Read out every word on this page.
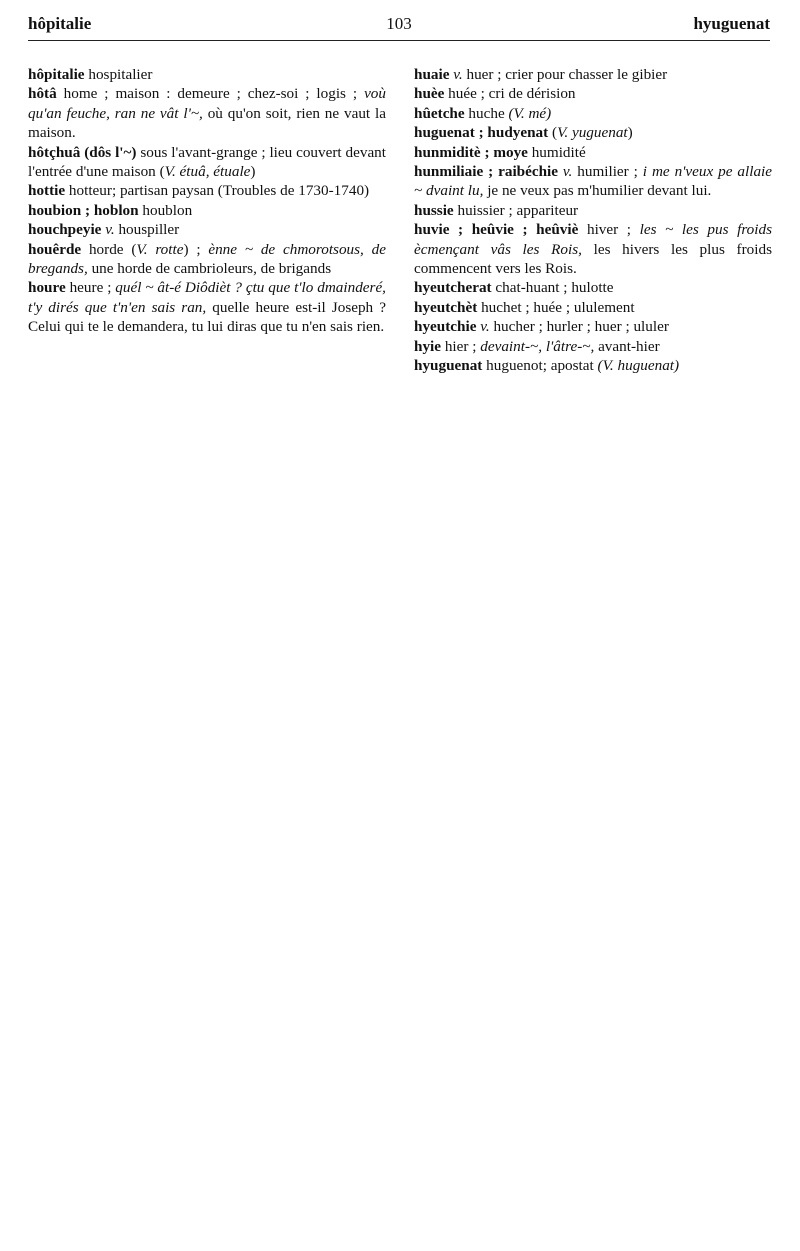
hôpitalie	103	hyuguenat

hôpitalie hospitalier

hôtâ home ; maison : demeure ; chez-soi ; logis ; voù qu'an feuche, ran ne vât l'~, où qu'on soit, rien ne vaut la maison.

hôtçhuâ (dôs l'~) sous l'avant-grange ; lieu couvert devant l'entrée d'une maison (V. étuâ, étuale)

hottie hotteur; partisan paysan (Troubles de 1730-1740)

houbion ; hoblon houblon

houchpeyie v. houspiller

houêrde horde (V. rotte) ; ènne ~ de chmorotsous, de bregands, une horde de cambrioleurs, de brigands

houre heure ; quél ~ ât-é Diôdièt ? çtu que t'lo dmainderé, t'y dirés que t'n'en sais ran, quelle heure est-il Joseph ? Celui qui te le demandera, tu lui diras que tu n'en sais rien.

huaie v. huer ; crier pour chasser le gibier

huèe huée ; cri de dérision

hûetche huche (V. mé)

huguenat ; hudyenat (V. yuguenat)

hunmiditè ; moye humidité

hunmiliaie ; raibéchie v. humilier ; i me n'veux pe allaie ~ dvaint lu, je ne veux pas m'humilier devant lui.

hussie huissier ; appariteur

huvie ; heûvie ; heûviè hiver ; les ~ les pus froids ècmençant vâs les Rois, les hivers les plus froids commencent vers les Rois.

hyeutcherat chat-huant ; hulotte

hyeutchèt huchet ; huée ; ululement

hyeutchie v. hucher ; hurler ; huer ; ululer

hyie hier ; devaint-~, l'âtre-~, avant-hier

hyuguenat huguenot; apostat (V. huguenat)
